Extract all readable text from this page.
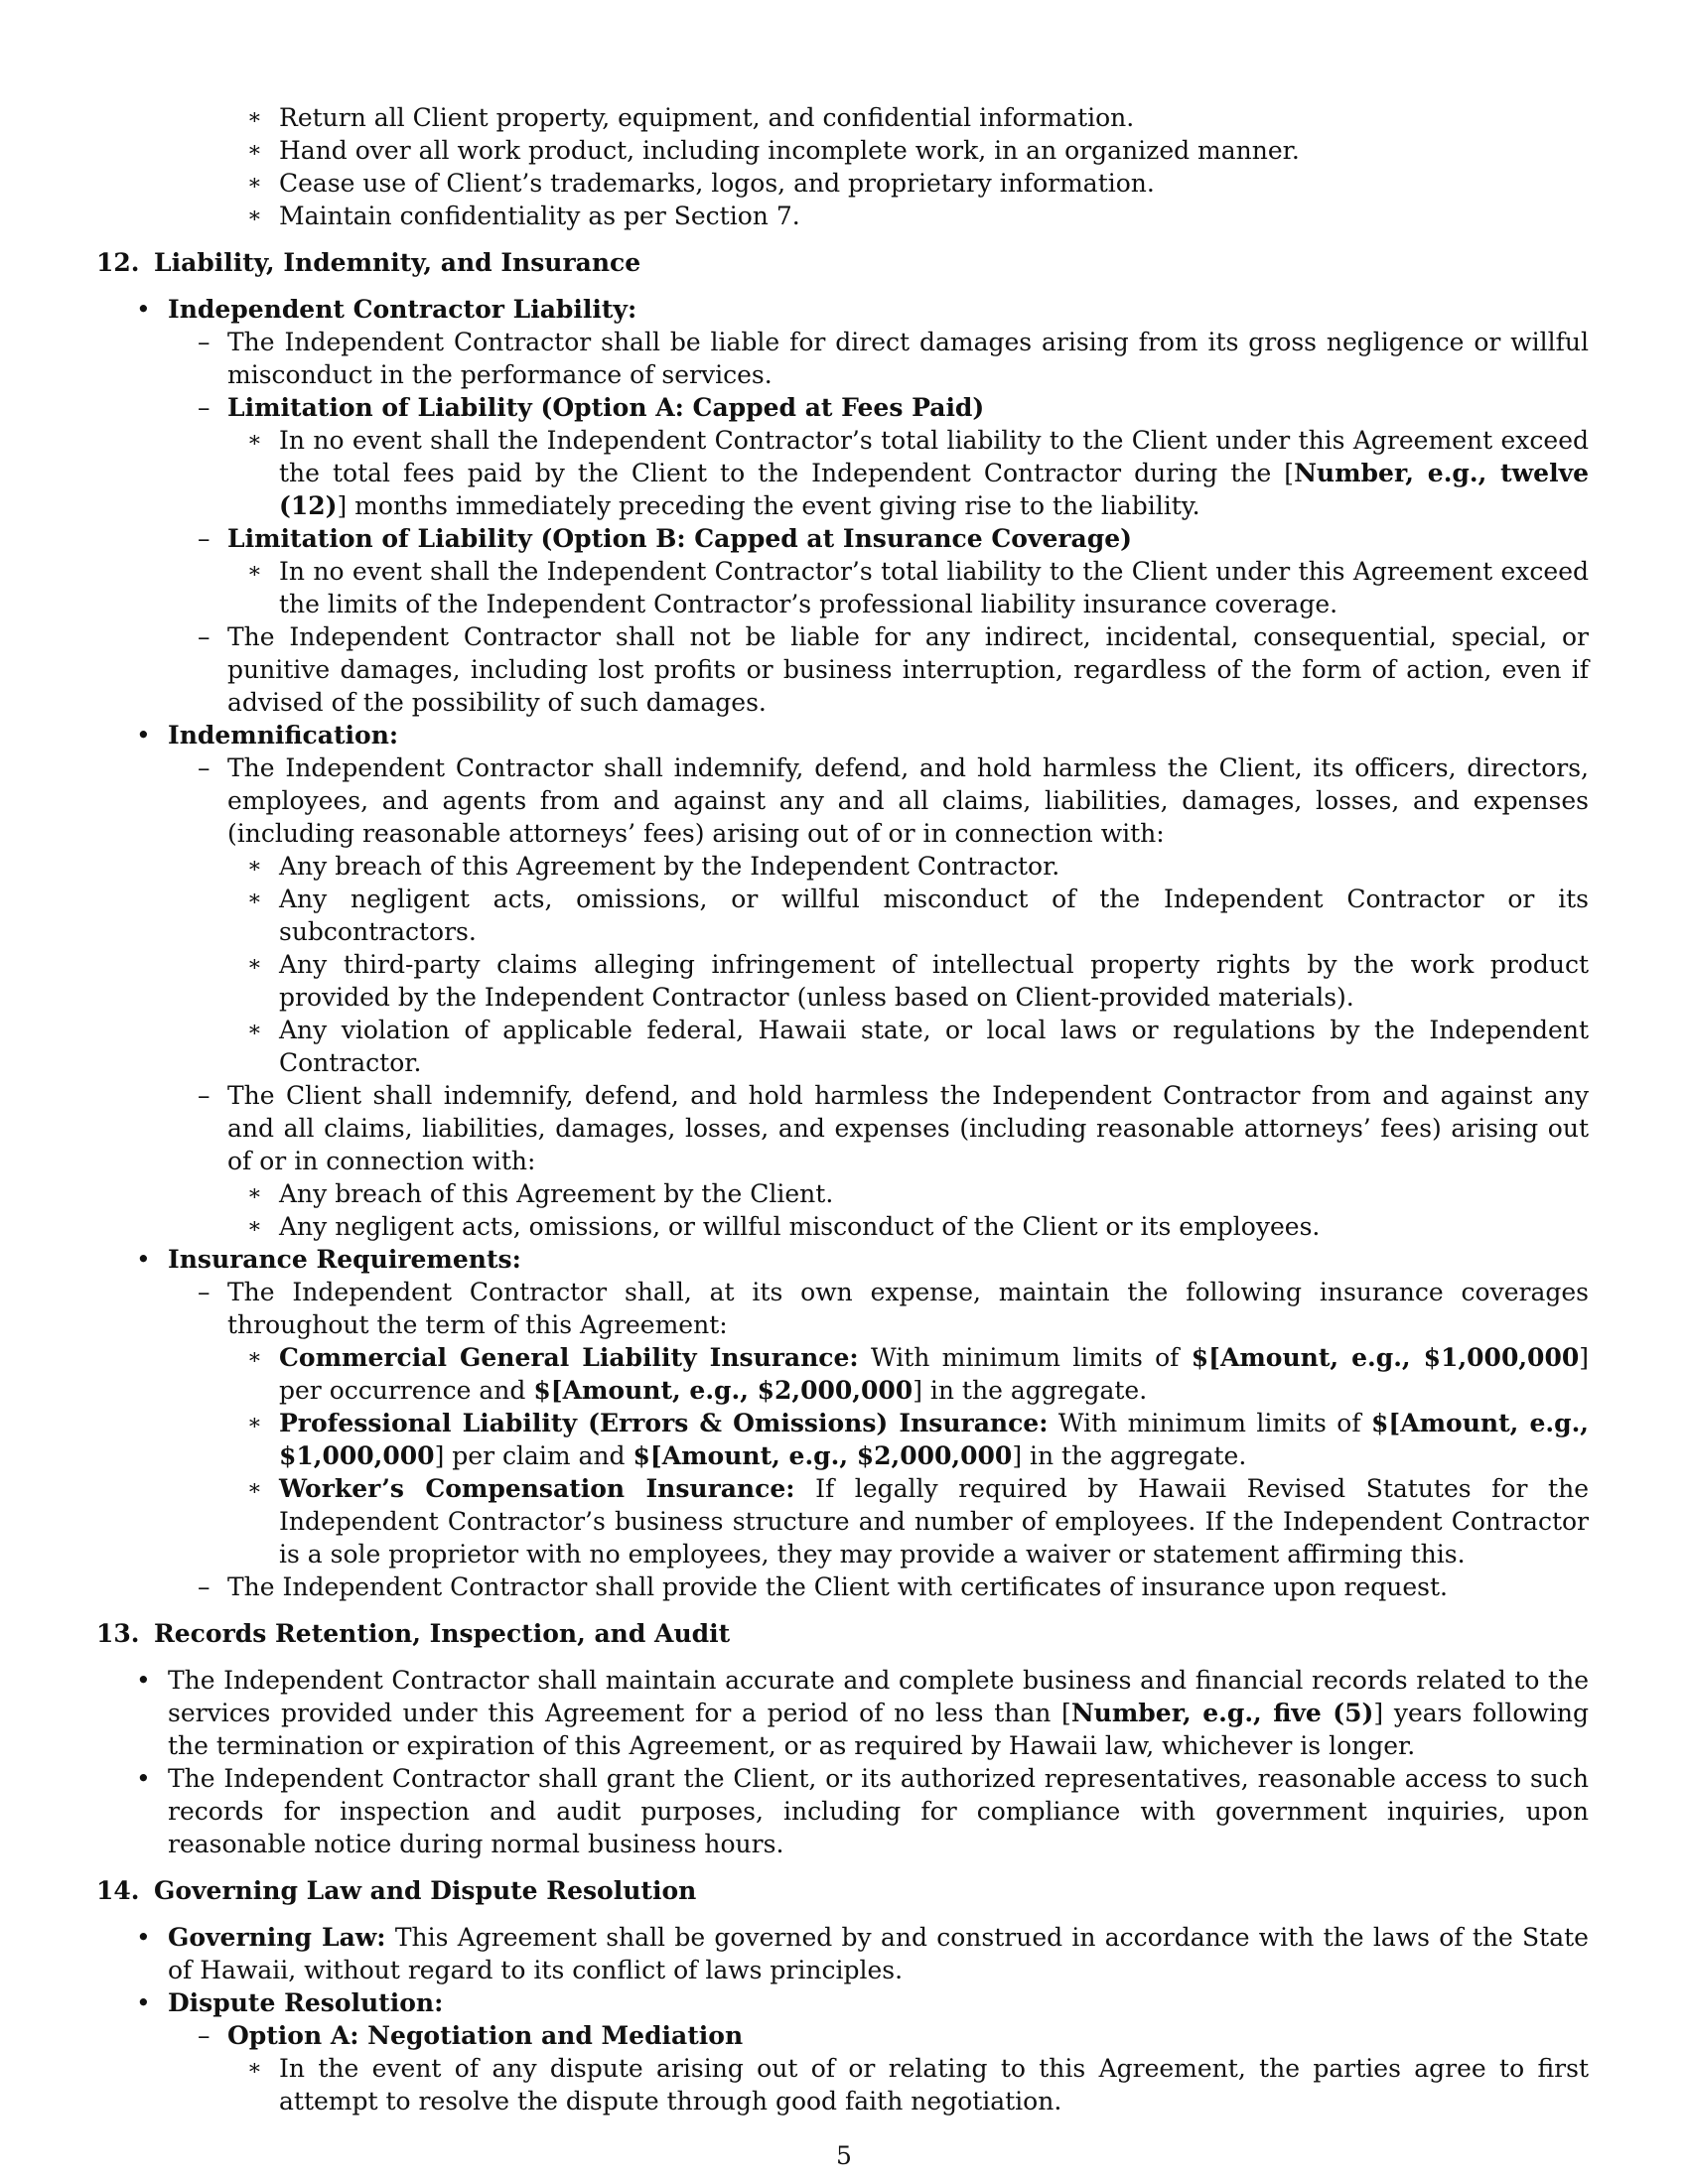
∗ Return all Client property, equipment, and confidential information.
∗ Hand over all work product, including incomplete work, in an organized manner.
∗ Cease use of Client’s trademarks, logos, and proprietary information.
∗ Maintain confidentiality as per Section 7.
12. Liability, Indemnity, and Insurance
• Independent Contractor Liability:
– The Independent Contractor shall be liable for direct damages arising from its gross negligence or willful misconduct in the performance of services.
– Limitation of Liability (Option A: Capped at Fees Paid)
∗ In no event shall the Independent Contractor’s total liability to the Client under this Agreement exceed the total fees paid by the Client to the Independent Contractor during the [Number, e.g., twelve (12)] months immediately preceding the event giving rise to the liability.
– Limitation of Liability (Option B: Capped at Insurance Coverage)
∗ In no event shall the Independent Contractor’s total liability to the Client under this Agreement exceed the limits of the Independent Contractor’s professional liability insurance coverage.
– The Independent Contractor shall not be liable for any indirect, incidental, consequential, special, or punitive damages, including lost profits or business interruption, regardless of the form of action, even if advised of the possibility of such damages.
• Indemnification:
– The Independent Contractor shall indemnify, defend, and hold harmless the Client, its officers, directors, employees, and agents from and against any and all claims, liabilities, damages, losses, and expenses (including reasonable attorneys’ fees) arising out of or in connection with:
∗ Any breach of this Agreement by the Independent Contractor.
∗ Any negligent acts, omissions, or willful misconduct of the Independent Contractor or its subcontractors.
∗ Any third-party claims alleging infringement of intellectual property rights by the work product provided by the Independent Contractor (unless based on Client-provided materials).
∗ Any violation of applicable federal, Hawaii state, or local laws or regulations by the Independent Contractor.
– The Client shall indemnify, defend, and hold harmless the Independent Contractor from and against any and all claims, liabilities, damages, losses, and expenses (including reasonable attorneys’ fees) arising out of or in connection with:
∗ Any breach of this Agreement by the Client.
∗ Any negligent acts, omissions, or willful misconduct of the Client or its employees.
• Insurance Requirements:
– The Independent Contractor shall, at its own expense, maintain the following insurance coverages throughout the term of this Agreement:
∗ Commercial General Liability Insurance: With minimum limits of $[Amount, e.g., $1,000,000] per occurrence and $[Amount, e.g., $2,000,000] in the aggregate.
∗ Professional Liability (Errors & Omissions) Insurance: With minimum limits of $[Amount, e.g., $1,000,000] per claim and $[Amount, e.g., $2,000,000] in the aggregate.
∗ Worker’s Compensation Insurance: If legally required by Hawaii Revised Statutes for the Independent Contractor’s business structure and number of employees. If the Independent Contractor is a sole proprietor with no employees, they may provide a waiver or statement affirming this.
– The Independent Contractor shall provide the Client with certificates of insurance upon request.
13. Records Retention, Inspection, and Audit
• The Independent Contractor shall maintain accurate and complete business and financial records related to the services provided under this Agreement for a period of no less than [Number, e.g., five (5)] years following the termination or expiration of this Agreement, or as required by Hawaii law, whichever is longer.
• The Independent Contractor shall grant the Client, or its authorized representatives, reasonable access to such records for inspection and audit purposes, including for compliance with government inquiries, upon reasonable notice during normal business hours.
14. Governing Law and Dispute Resolution
• Governing Law: This Agreement shall be governed by and construed in accordance with the laws of the State of Hawaii, without regard to its conflict of laws principles.
• Dispute Resolution:
– Option A: Negotiation and Mediation
∗ In the event of any dispute arising out of or relating to this Agreement, the parties agree to first attempt to resolve the dispute through good faith negotiation.
5
